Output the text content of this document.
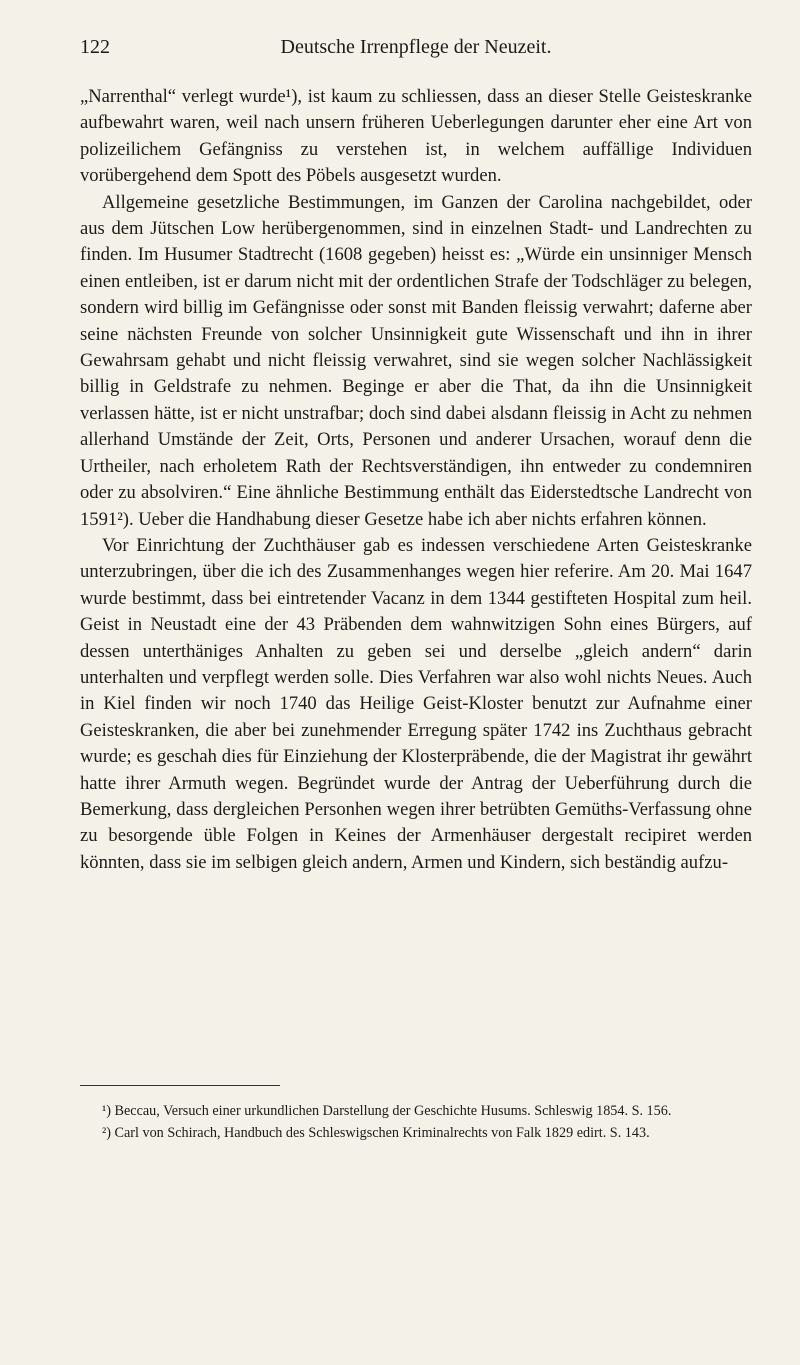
122	Deutsche Irrenpflege der Neuzeit.

„Narrenthal“ verlegt wurde¹), ist kaum zu schliessen, dass an dieser Stelle Geisteskranke aufbewahrt waren, weil nach unsern früheren Ueberlegungen darunter eher eine Art von polizeilichem Gefängniss zu verstehen ist, in welchem auffällige Individuen vorübergehend dem Spott des Pöbels ausgesetzt wurden.

Allgemeine gesetzliche Bestimmungen, im Ganzen der Carolina nachgebildet, oder aus dem Jütschen Low herübergenommen, sind in einzelnen Stadt- und Landrechten zu finden. Im Husumer Stadtrecht (1608 gegeben) heisst es: „Würde ein unsinniger Mensch einen entleiben, ist er darum nicht mit der ordentlichen Strafe der Todschläger zu belegen, sondern wird billig im Gefängnisse oder sonst mit Banden fleissig verwahrt; daferne aber seine nächsten Freunde von solcher Unsinnigkeit gute Wissenschaft und ihn in ihrer Gewahrsam gehabt und nicht fleissig verwahret, sind sie wegen solcher Nachlässigkeit billig in Geldstrafe zu nehmen. Beginge er aber die That, da ihn die Unsinnigkeit verlassen hätte, ist er nicht unstrafbar; doch sind dabei alsdann fleissig in Acht zu nehmen allerhand Umstände der Zeit, Orts, Personen und anderer Ursachen, worauf denn die Urtheiler, nach erholetem Rath der Rechtsverständigen, ihn entweder zu condemniren oder zu absolviren.“ Eine ähnliche Bestimmung enthält das Eiderstedtsche Landrecht von 1591²). Ueber die Handhabung dieser Gesetze habe ich aber nichts erfahren können.

Vor Einrichtung der Zuchthäuser gab es indessen verschiedene Arten Geisteskranke unterzubringen, über die ich des Zusammenhanges wegen hier referire. Am 20. Mai 1647 wurde bestimmt, dass bei eintretender Vacanz in dem 1344 gestifteten Hospital zum heil. Geist in Neustadt eine der 43 Präbenden dem wahnwitzigen Sohn eines Bürgers, auf dessen unterthäniges Anhalten zu geben sei und derselbe „gleich andern“ darin unterhalten und verpflegt werden solle. Dies Verfahren war also wohl nichts Neues. Auch in Kiel finden wir noch 1740 das Heilige Geist-Kloster benutzt zur Aufnahme einer Geisteskranken, die aber bei zunehmender Erregung später 1742 ins Zuchthaus gebracht wurde; es geschah dies für Einziehung der Klosterpräbende, die der Magistrat ihr gewährt hatte ihrer Armuth wegen. Begründet wurde der Antrag der Ueberführung durch die Bemerkung, dass dergleichen Personhen wegen ihrer betrübten Gemüths-Verfassung ohne zu besorgende üble Folgen in Keines der Armenhäuser dergestalt recipiret werden könnten, dass sie im selbigen gleich andern, Armen und Kindern, sich beständig aufzu-

¹) Beccau, Versuch einer urkundlichen Darstellung der Geschichte Husums. Schleswig 1854. S. 156.

²) Carl von Schirach, Handbuch des Schleswigschen Kriminalrechts von Falk 1829 edirt. S. 143.
